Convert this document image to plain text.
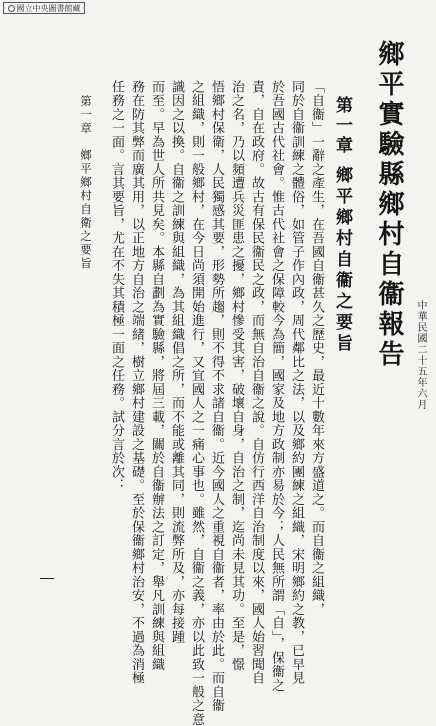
國立中央圖書館藏
鄉平實驗縣鄉村自衞報告 中華民國二十五年六月
第一章
鄉平鄉村自衞之要旨
「自衞」一辭之產生，在吾國自衞甚久之歷史，最近十數年來方盛道之。而自衞之組織，
同於自衞訓練之體俗，如管子作內政，周代鄰比之法，以及鄉約團練之組織，宋明鄉約之教，已早見
於吾國古代社會。惟古代社會之保障較今為簡，國家及地方政制亦易於今；人民無所謂「自」，保衞之
責，自在政府。故古有保民衞民之政，而無自治自衞之說。自仿行西洋自治制度以來，國人始習聞自
治之名，乃以頻遭兵災匪患之擾，鄉村慘受其害，破壞自身，自治之制，迄尚未見其功。至是，憬
悟鄉村保衛，人民獨感其要，形勢所趨，則不得不求諸自衞。近今國人之重視自衞者，率由於此。而自衞
之組織，則一般鄉村，在今日尚須開始進行，又宜國人之一痛心事也。雖然，自衞之義，亦以此致一般之意
識因之以換。自衞之訓練與組織，為其組織倡之所，而不能或離其同，則流弊所及，亦每接踵
而至。早為世人所共見矣。本縣自劃為實驗縣，將屆三載，關於自衞辦法之訂定，舉凡訓練與組織
務在防其弊而廣其用，以正地方自治之端緒，樹立鄉村建設之基礎。至於保衞鄉村治安，不過為消極
任務之一面。言其要旨，尤在不失其積極一面之任務。試分言於次：
第一章　鄉平鄉村自衛之要旨
